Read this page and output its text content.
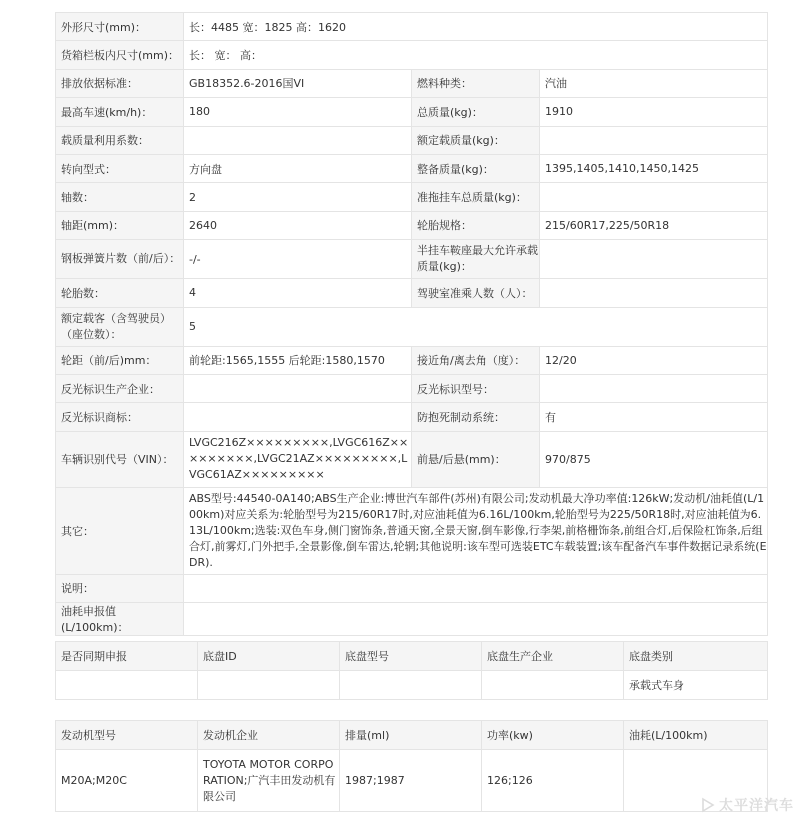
外形尺寸(mm)：	长：4485 宽：1825 高：1620		
货箱栏板内尺寸(mm)：	长： 宽： 高：		
排放依据标准：	GB18352.6-2016国VI	燃料种类：	汽油
最高车速(km/h)：	180	总质量(kg)：	1910
载质量利用系数：		额定载质量(kg)：	
转向型式：	方向盘	整备质量(kg)：	1395,1405,1410,1450,1425
轴数：	2	准拖挂车总质量(kg)：	
轴距(mm)：	2640	轮胎规格：	215/60R17,225/50R18
钢板弹簧片数（前/后）：	-/-	半挂车鞍座最大允许承载质量(kg)：	
轮胎数：	4	驾驶室准乘人数（人）：	
额定载客（含驾驶员）（座位数）：	5		
轮距（前/后)mm：	前轮距:1565,1555 后轮距:1580,1570	接近角/离去角（度）：	12/20
反光标识生产企业：		反光标识型号：	
反光标识商标：		防抱死制动系统：	有
车辆识别代号（VIN）：	LVGC216Z×××××××××,LVGC616Z×××××××××,LVGC21AZ×××××××××,LVGC61AZ×××××××××	前悬/后悬(mm)：	970/875
其它：	ABS型号:44540-0A140;ABS生产企业:博世汽车部件(苏州)有限公司;发动机最大净功率值:126kW;发动机/油耗值(L/100km)对应关系为:轮胎型号为215/60R17时,对应油耗值为6.16L/100km,轮胎型号为225/50R18时,对应油耗值为6.13L/100km;选装:双色车身,侧门窗饰条,普通天窗,全景天窗,倒车影像,行李架,前格栅饰条,前组合灯,后保险杠饰条,后组合灯,前雾灯,门外把手,全景影像,倒车雷达,轮辋;其他说明:该车型可选装ETC车载装置;该车配备汽车事件数据记录系统(EDR).		
说明：			
油耗申报值(L/100km)：			
是否同期申报	底盘ID	底盘型号	底盘生产企业	底盘类别
				承载式车身
发动机型号	发动机企业	排量(ml)	功率(kw)	油耗(L/100km)
M20A;M20C	TOYOTA MOTOR CORPORATION;广汽丰田发动机有限公司	1987;1987	126;126	
太平洋汽车
